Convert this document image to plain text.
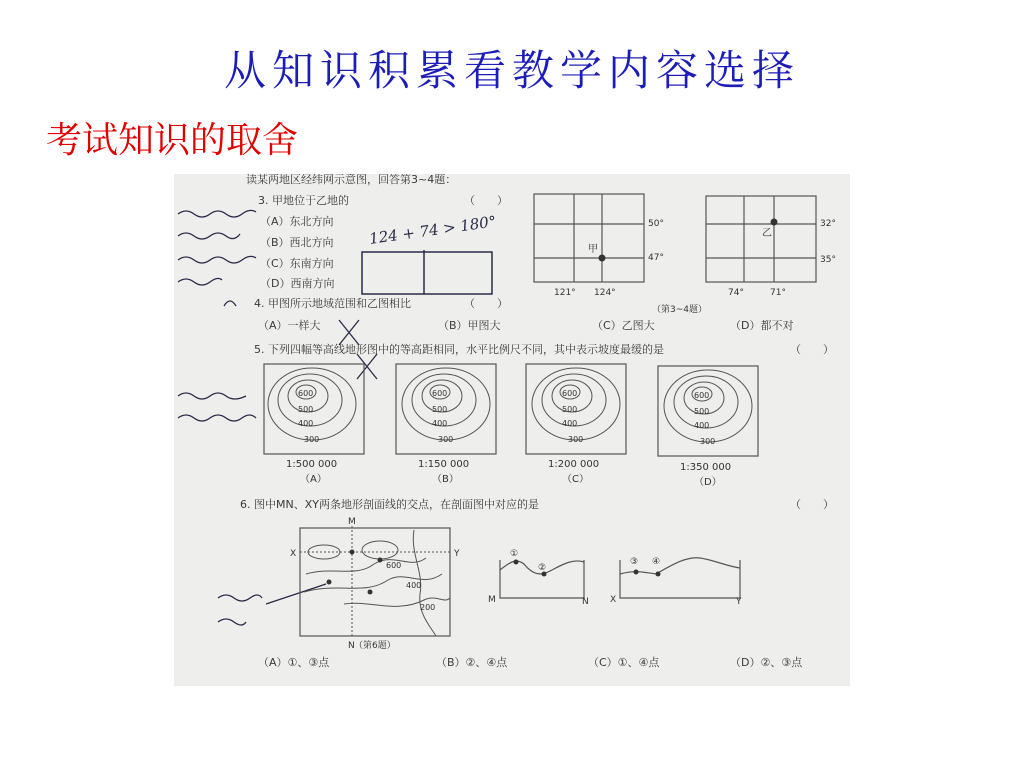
从知识积累看教学内容选择
考试知识的取舍
读某两地区经纬网示意图，回答第3~4题：
3. 甲地位于乙地的	（　　）
（A）东北方向
（B）西北方向
（C）东南方向
（D）西南方向
124 + 74 > 180°
甲
50°
47°
121° 124°
乙
32°
35°
74°	71°
（第3~4题）
4. 甲图所示地域范围和乙图相比	（　　）
（A）一样大	（B）甲图大	（C）乙图大	（D）都不对
5. 下列四幅等高线地形图中的等高距相同，水平比例尺不同，其中表示坡度最缓的是	（　　）
600
500
400
300
1:500 000
（A）
600
500
400
300
1:150 000
（B）
600
500
400
300
1:200 000
（C）
600
500
400
300
1:350 000
（D）
6. 图中MN、XY两条地形剖面线的交点，在剖面图中对应的是	（　　）
M
N
X	Y
600
400
200
（第6题）
①
②
M	N
③ ④
X	Y
（A）①、③点	（B）②、④点	（C）①、④点	（D）②、③点
